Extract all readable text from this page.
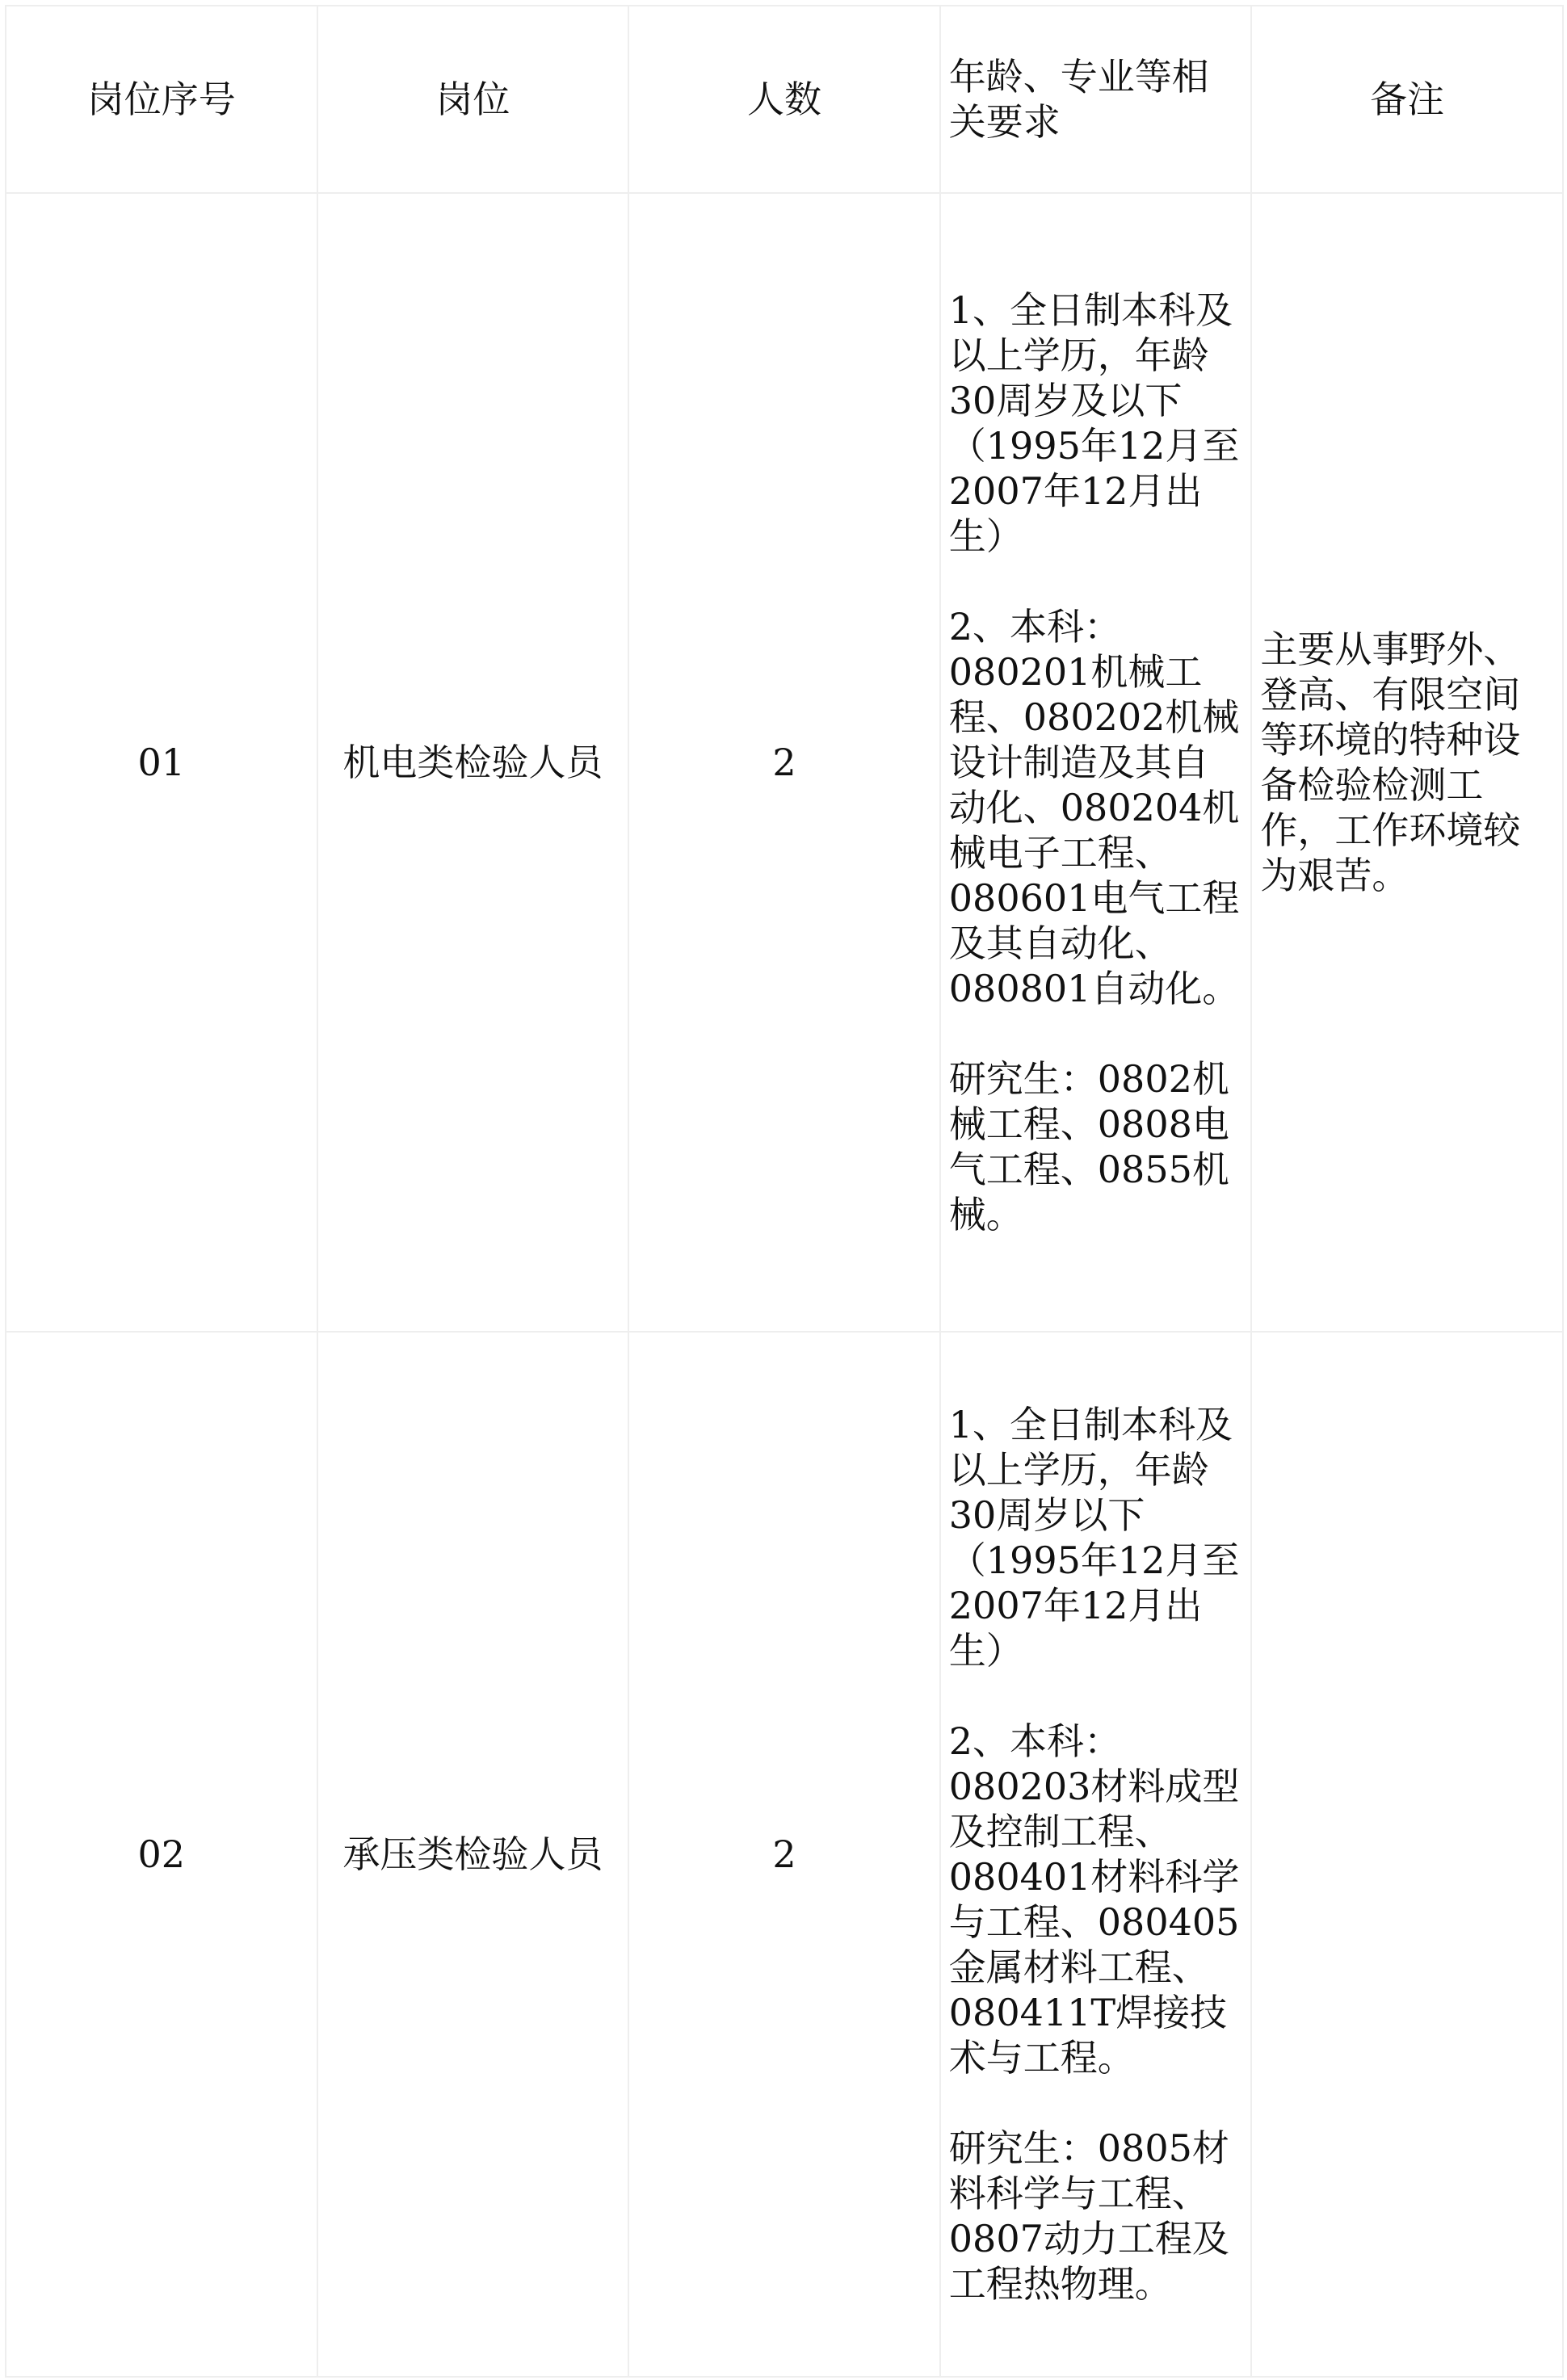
岗位序号	岗位	人数	年龄、专业等相关要求	备注
01	机电类检验人员	2	1、全日制本科及以上学历，年龄30周岁及以下（1995年12月至2007年12月出生）
2、本科：080201机械工程、080202机械设计制造及其自动化、080204机械电子工程、080601电气工程及其自动化、080801自动化。
研究生：0802机械工程、0808电气工程、0855机械。	主要从事野外、登高、有限空间等环境的特种设备检验检测工作，工作环境较为艰苦。
02	承压类检验人员	2	1、全日制本科及以上学历，年龄30周岁以下（1995年12月至2007年12月出生）
2、本科：080203材料成型及控制工程、080401材料科学与工程、080405金属材料工程、080411T焊接技术与工程。
研究生：0805材料科学与工程、0807动力工程及工程热物理。	
